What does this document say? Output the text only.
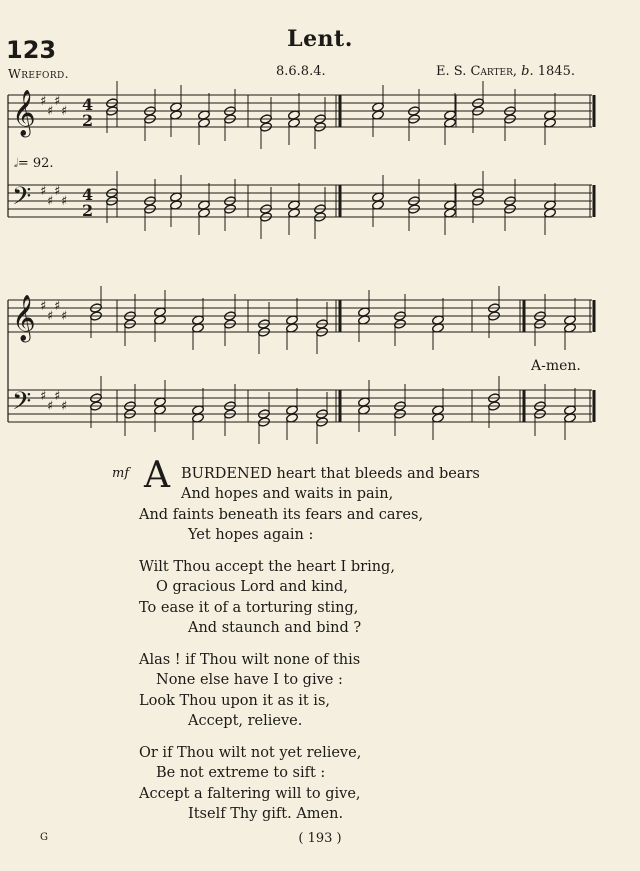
123	Lent.
Wreford.	8.6.8.4.	E. S. Carter, b. 1845.
𝄞 ♯
♯
♯
♯ 4
2
𝄢 ♯
♯
♯
♯ 4
2
𝄞 ♯
♯
♯
♯
𝄢 ♯
♯
♯
♯
𝅗𝅥= 92.
A-men.
mf A BURDENED heart that bleeds and bears
And hopes and waits in pain,
And faints beneath its fears and cares,
Yet hopes again :
Wilt Thou accept the heart I bring,
O gracious Lord and kind,
To ease it of a torturing sting,
And staunch and bind ?
Alas ! if Thou wilt none of this
None else have I to give :
Look Thou upon it as it is,
Accept, relieve.
Or if Thou wilt not yet relieve,
Be not extreme to sift :
Accept a faltering will to give,
Itself Thy gift. Amen.
G	( 193 )
